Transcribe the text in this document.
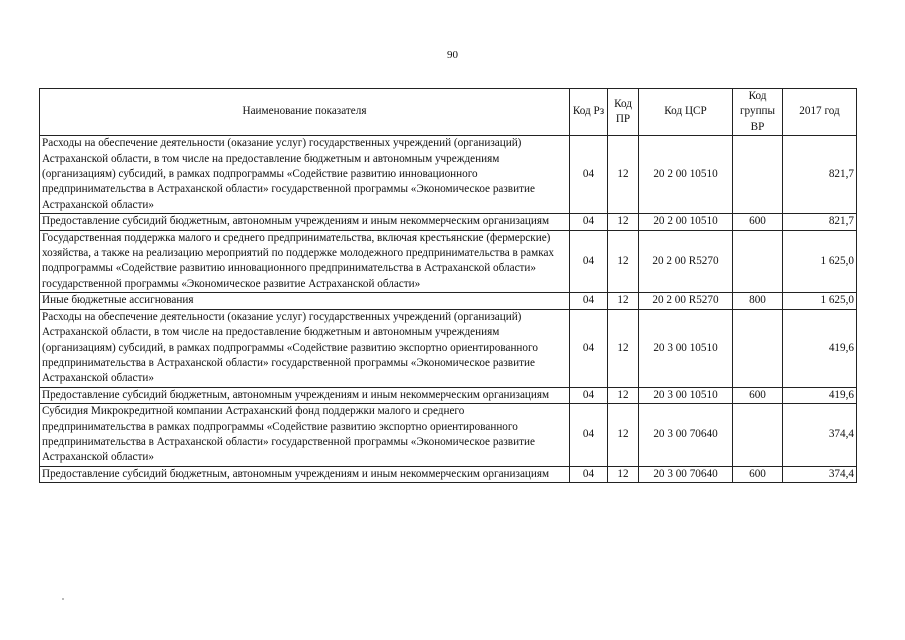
90
Наименование показателя	Код Рз	Код ПР	Код ЦСР	Код группы ВР	2017 год
Расходы на обеспечение деятельности (оказание услуг) государственных учреждений (организаций) Астраханской области, в том числе на предоставление бюджетным и автономным учреждениям (организациям) субсидий, в рамках подпрограммы «Содействие развитию инновационного предпринимательства в Астраханской области» государственной программы «Экономическое развитие Астраханской области»	04	12	20 2 00 10510		821,7
Предоставление субсидий бюджетным, автономным учреждениям и иным некоммерческим организациям	04	12	20 2 00 10510	600	821,7
Государственная поддержка малого и среднего предпринимательства, включая крестьянские (фермерские) хозяйства, а также на реализацию мероприятий по поддержке молодежного предпринимательства в рамках подпрограммы «Содействие развитию инновационного предпринимательства в Астраханской области» государственной программы «Экономическое развитие Астраханской области»	04	12	20 2 00 R5270		1 625,0
Иные бюджетные ассигнования	04	12	20 2 00 R5270	800	1 625,0
Расходы на обеспечение деятельности (оказание услуг) государственных учреждений (организаций) Астраханской области, в том числе на предоставление бюджетным и автономным учреждениям (организациям) субсидий, в рамках подпрограммы «Содействие развитию экспортно ориентированного предпринимательства в Астраханской области» государственной программы «Экономическое развитие Астраханской области»	04	12	20 3 00 10510		419,6
Предоставление субсидий бюджетным, автономным учреждениям и иным некоммерческим организациям	04	12	20 3 00 10510	600	419,6
Субсидия Микрокредитной компании Астраханский фонд поддержки малого и среднего предпринимательства в рамках подпрограммы «Содействие развитию экспортно ориентированного предпринимательства в Астраханской области» государственной программы «Экономическое развитие Астраханской области»	04	12	20 3 00 70640		374,4
Предоставление субсидий бюджетным, автономным учреждениям и иным некоммерческим организациям	04	12	20 3 00 70640	600	374,4
